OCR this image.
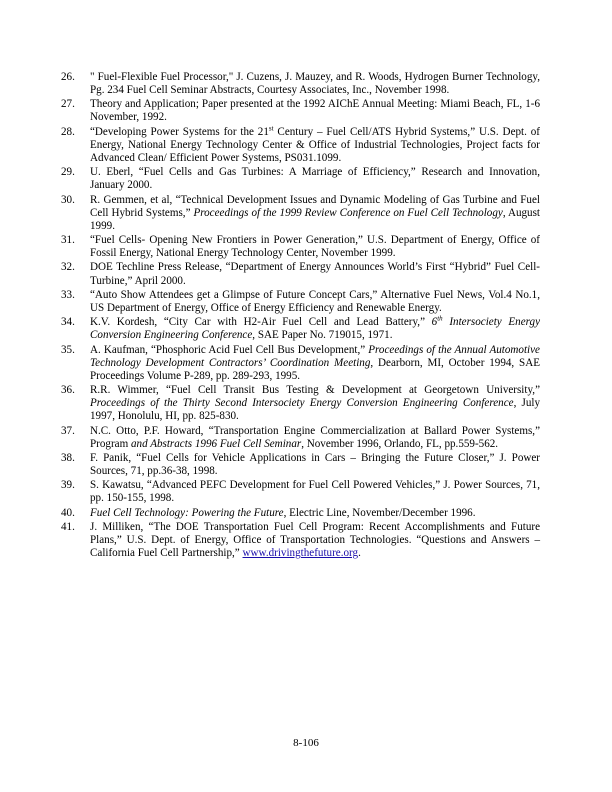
26. " Fuel-Flexible Fuel Processor," J. Cuzens, J. Mauzey, and R. Woods, Hydrogen Burner Technology, Pg. 234 Fuel Cell Seminar Abstracts, Courtesy Associates, Inc., November 1998.
27. Theory and Application; Paper presented at the 1992 AIChE Annual Meeting: Miami Beach, FL, 1-6 November, 1992.
28. “Developing Power Systems for the 21st Century – Fuel Cell/ATS Hybrid Systems,” U.S. Dept. of Energy, National Energy Technology Center & Office of Industrial Technologies, Project facts for Advanced Clean/ Efficient Power Systems, PS031.1099.
29. U. Eberl, “Fuel Cells and Gas Turbines: A Marriage of Efficiency,” Research and Innovation, January 2000.
30. R. Gemmen, et al, “Technical Development Issues and Dynamic Modeling of Gas Turbine and Fuel Cell Hybrid Systems,” Proceedings of the 1999 Review Conference on Fuel Cell Technology, August 1999.
31. “Fuel Cells- Opening New Frontiers in Power Generation,” U.S. Department of Energy, Office of Fossil Energy, National Energy Technology Center, November 1999.
32. DOE Techline Press Release, “Department of Energy Announces World’s First “Hybrid” Fuel Cell-Turbine,” April 2000.
33. “Auto Show Attendees get a Glimpse of Future Concept Cars,” Alternative Fuel News, Vol.4 No.1, US Department of Energy, Office of Energy Efficiency and Renewable Energy.
34. K.V. Kordesh, “City Car with H2-Air Fuel Cell and Lead Battery,” 6th Intersociety Energy Conversion Engineering Conference, SAE Paper No. 719015, 1971.
35. A. Kaufman, “Phosphoric Acid Fuel Cell Bus Development,” Proceedings of the Annual Automotive Technology Development Contractors’ Coordination Meeting, Dearborn, MI, October 1994, SAE Proceedings Volume P-289, pp. 289-293, 1995.
36. R.R. Wimmer, “Fuel Cell Transit Bus Testing & Development at Georgetown University,” Proceedings of the Thirty Second Intersociety Energy Conversion Engineering Conference, July 1997, Honolulu, HI, pp. 825-830.
37. N.C. Otto, P.F. Howard, “Transportation Engine Commercialization at Ballard Power Systems,” Program and Abstracts 1996 Fuel Cell Seminar, November 1996, Orlando, FL, pp.559-562.
38. F. Panik, “Fuel Cells for Vehicle Applications in Cars – Bringing the Future Closer,” J. Power Sources, 71, pp.36-38, 1998.
39. S. Kawatsu, “Advanced PEFC Development for Fuel Cell Powered Vehicles,” J. Power Sources, 71, pp. 150-155, 1998.
40. Fuel Cell Technology: Powering the Future, Electric Line, November/December 1996.
41. J. Milliken, “The DOE Transportation Fuel Cell Program: Recent Accomplishments and Future Plans,” U.S. Dept. of Energy, Office of Transportation Technologies. “Questions and Answers – California Fuel Cell Partnership,” www.drivingthefuture.org.
8-106
